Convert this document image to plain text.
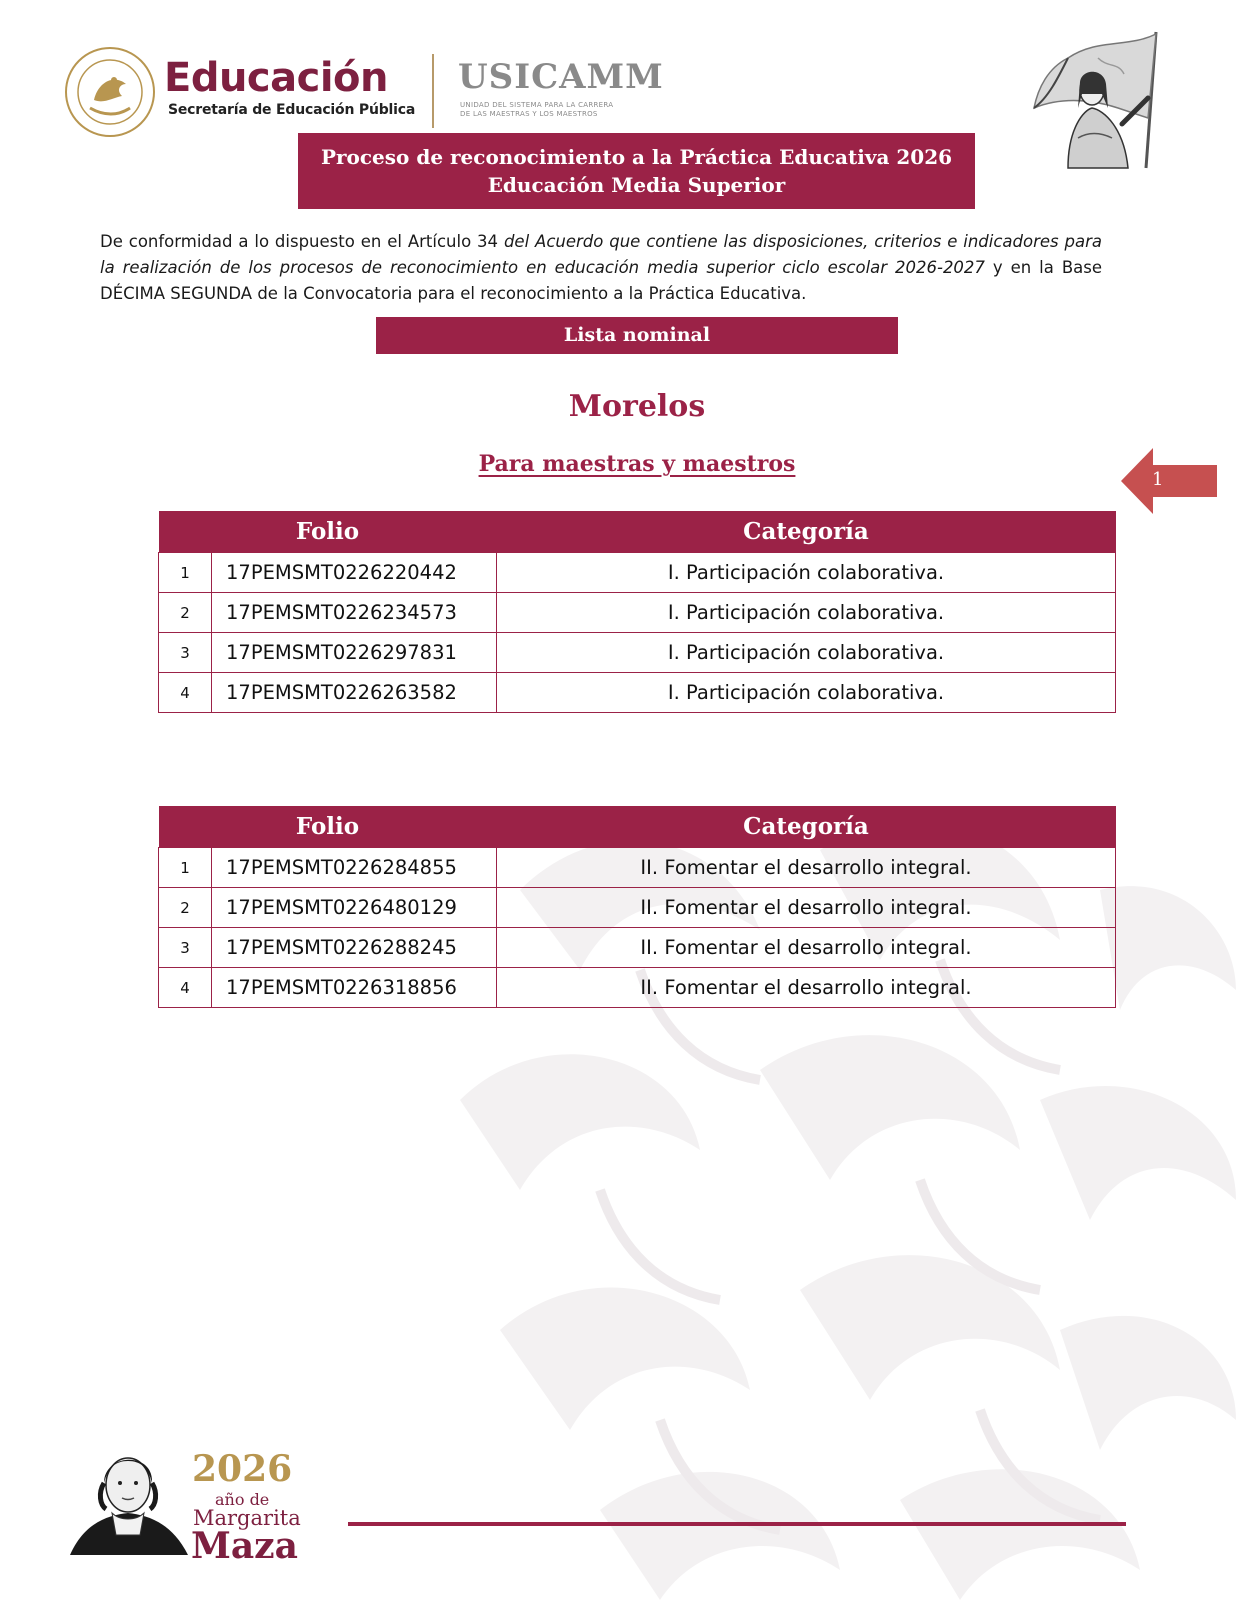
Educación
Secretaría de Educación Pública
USICAMM
UNIDAD DEL SISTEMA PARA LA CARRERA
DE LAS MAESTRAS Y LOS MAESTROS
Proceso de reconocimiento a la Práctica Educativa 2026
Educación Media Superior
De conformidad a lo dispuesto en el Artículo 34 del Acuerdo que contiene las disposiciones, criterios e indicadores para la realización de los procesos de reconocimiento en educación media superior ciclo escolar 2026-2027 y en la Base DÉCIMA SEGUNDA de la Convocatoria para el reconocimiento a la Práctica Educativa.
Lista nominal
Morelos
Para maestras y maestros
1
Folio		Categoría
1	17PEMSMT0226220442	I. Participación colaborativa.
2	17PEMSMT0226234573	I. Participación colaborativa.
3	17PEMSMT0226297831	I. Participación colaborativa.
4	17PEMSMT0226263582	I. Participación colaborativa.
Folio		Categoría
1	17PEMSMT0226284855	II. Fomentar el desarrollo integral.
2	17PEMSMT0226480129	II. Fomentar el desarrollo integral.
3	17PEMSMT0226288245	II. Fomentar el desarrollo integral.
4	17PEMSMT0226318856	II. Fomentar el desarrollo integral.
2026
año de
Margarita
Maza
